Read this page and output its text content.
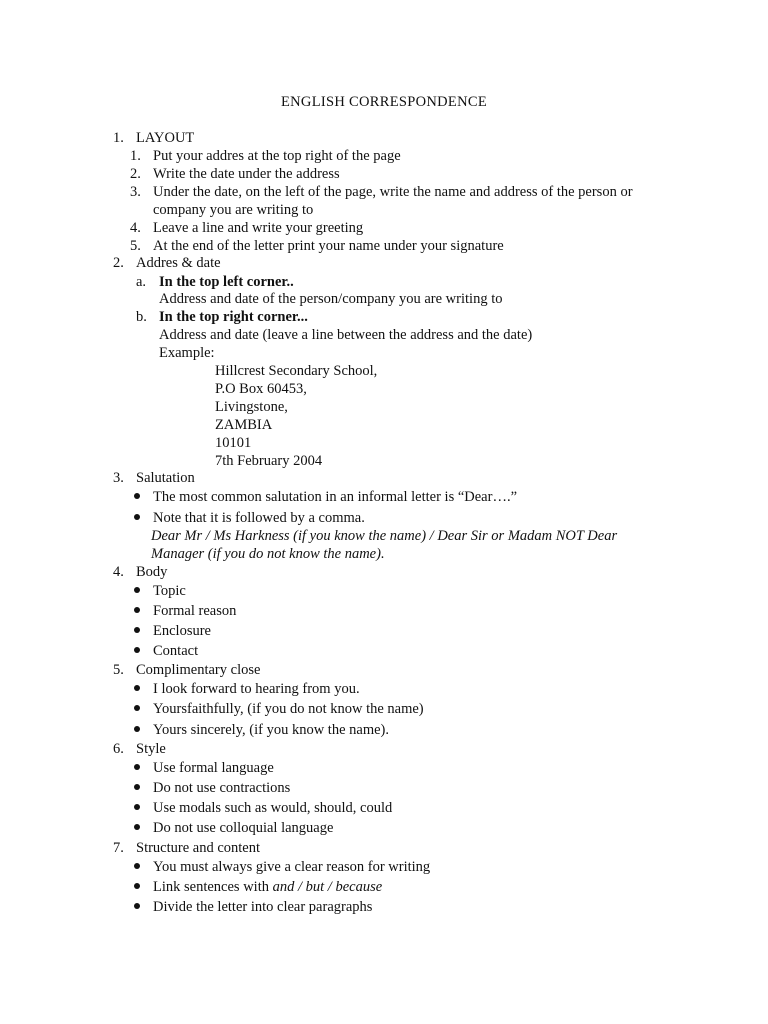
ENGLISH CORRESPONDENCE
1. LAYOUT
1. Put your addres at the top right of the page
2. Write the date under the address
3. Under the date, on the left of the page, write the name and address of the person or
company you are writing to
4. Leave a line and write your greeting
5. At the end of the letter print your name under your signature
2. Addres & date
a. In the top left corner..
Address and date of the person/company you are writing to
b. In the top right corner...
Address and date (leave a line between the address and the date)
Example:
Hillcrest Secondary School,
P.O Box 60453,
Livingstone,
ZAMBIA
10101
7th February 2004
3. Salutation
The most common salutation in an informal letter is “Dear….”
Note that it is followed by a comma.
Dear Mr / Ms Harkness (if you know the name) / Dear Sir or Madam NOT Dear
Manager (if you do not know the name).
4. Body
Topic
Formal reason
Enclosure
Contact
5. Complimentary close
I look forward to hearing from you.
Yoursfaithfully, (if you do not know the name)
Yours sincerely, (if you know the name).
6. Style
Use formal language
Do not use contractions
Use modals such as would, should, could
Do not use colloquial language
7. Structure and content
You must always give a clear reason for writing
Link sentences with and / but / because
Divide the letter into clear paragraphs
